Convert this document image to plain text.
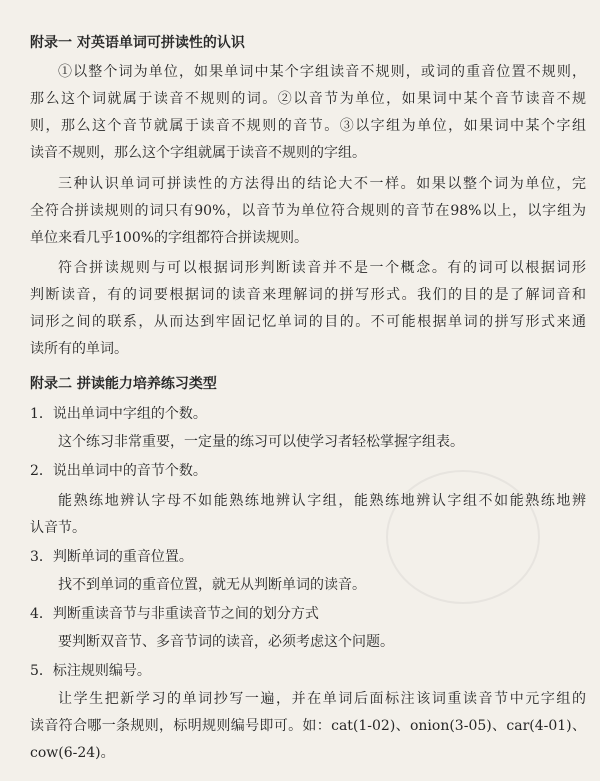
附录一 对英语单词可拼读性的认识
①以整个词为单位，如果单词中某个字组读音不规则，或词的重音位置不规则，
那么这个词就属于读音不规则的词。②以音节为单位，如果词中某个音节读音不规
则，那么这个音节就属于读音不规则的音节。③以字组为单位，如果词中某个字组
读音不规则，那么这个字组就属于读音不规则的字组。
三种认识单词可拼读性的方法得出的结论大不一样。如果以整个词为单位，完
全符合拼读规则的词只有90%，以音节为单位符合规则的音节在98%以上，以字组为
单位来看几乎100%的字组都符合拼读规则。
符合拼读规则与可以根据词形判断读音并不是一个概念。有的词可以根据词形
判断读音，有的词要根据词的读音来理解词的拼写形式。我们的目的是了解词音和
词形之间的联系，从而达到牢固记忆单词的目的。不可能根据单词的拼写形式来通
读所有的单词。
附录二 拼读能力培养练习类型
1．说出单词中字组的个数。
这个练习非常重要，一定量的练习可以使学习者轻松掌握字组表。
2．说出单词中的音节个数。
能熟练地辨认字母不如能熟练地辨认字组，能熟练地辨认字组不如能熟练地辨
认音节。
3．判断单词的重音位置。
找不到单词的重音位置，就无从判断单词的读音。
4．判断重读音节与非重读音节之间的划分方式
要判断双音节、多音节词的读音，必须考虑这个问题。
5．标注规则编号。
让学生把新学习的单词抄写一遍，并在单词后面标注该词重读音节中元字组的
读音符合哪一条规则，标明规则编号即可。如：cat(1-02)、onion(3-05)、car(4-01)、
cow(6-24)。
